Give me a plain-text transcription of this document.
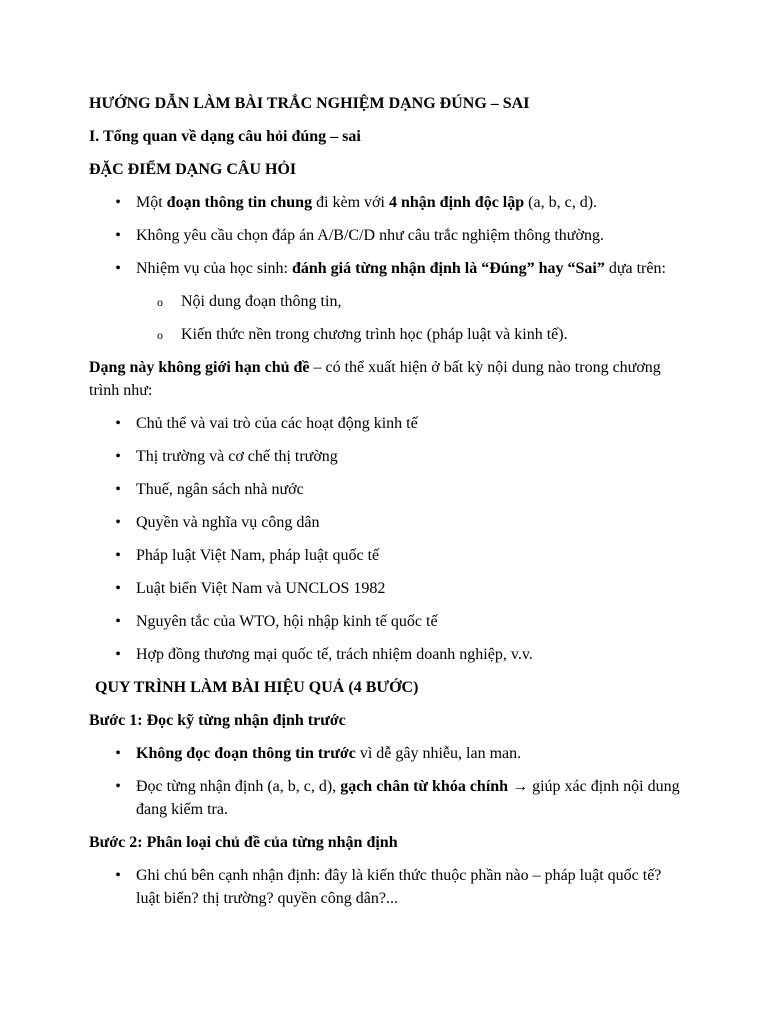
HƯỚNG DẪN LÀM BÀI TRẮC NGHIỆM DẠNG ĐÚNG – SAI

I. Tổng quan về dạng câu hỏi đúng – sai

ĐẶC ĐIỂM DẠNG CÂU HỎI

• Một đoạn thông tin chung đi kèm với 4 nhận định độc lập (a, b, c, d).
• Không yêu cầu chọn đáp án A/B/C/D như câu trắc nghiệm thông thường.
• Nhiệm vụ của học sinh: đánh giá từng nhận định là “Đúng” hay “Sai” dựa trên:
o Nội dung đoạn thông tin,
o Kiến thức nền trong chương trình học (pháp luật và kinh tế).

Dạng này không giới hạn chủ đề – có thể xuất hiện ở bất kỳ nội dung nào trong chương trình như:

• Chủ thể và vai trò của các hoạt động kinh tế
• Thị trường và cơ chế thị trường
• Thuế, ngân sách nhà nước
• Quyền và nghĩa vụ công dân
• Pháp luật Việt Nam, pháp luật quốc tế
• Luật biển Việt Nam và UNCLOS 1982
• Nguyên tắc của WTO, hội nhập kinh tế quốc tế
• Hợp đồng thương mại quốc tế, trách nhiệm doanh nghiệp, v.v.

QUY TRÌNH LÀM BÀI HIỆU QUẢ (4 BƯỚC)

Bước 1: Đọc kỹ từng nhận định trước

• Không đọc đoạn thông tin trước vì dễ gây nhiễu, lan man.
• Đọc từng nhận định (a, b, c, d), gạch chân từ khóa chính → giúp xác định nội dung đang kiểm tra.

Bước 2: Phân loại chủ đề của từng nhận định

• Ghi chú bên cạnh nhận định: đây là kiến thức thuộc phần nào – pháp luật quốc tế? luật biển? thị trường? quyền công dân?...
